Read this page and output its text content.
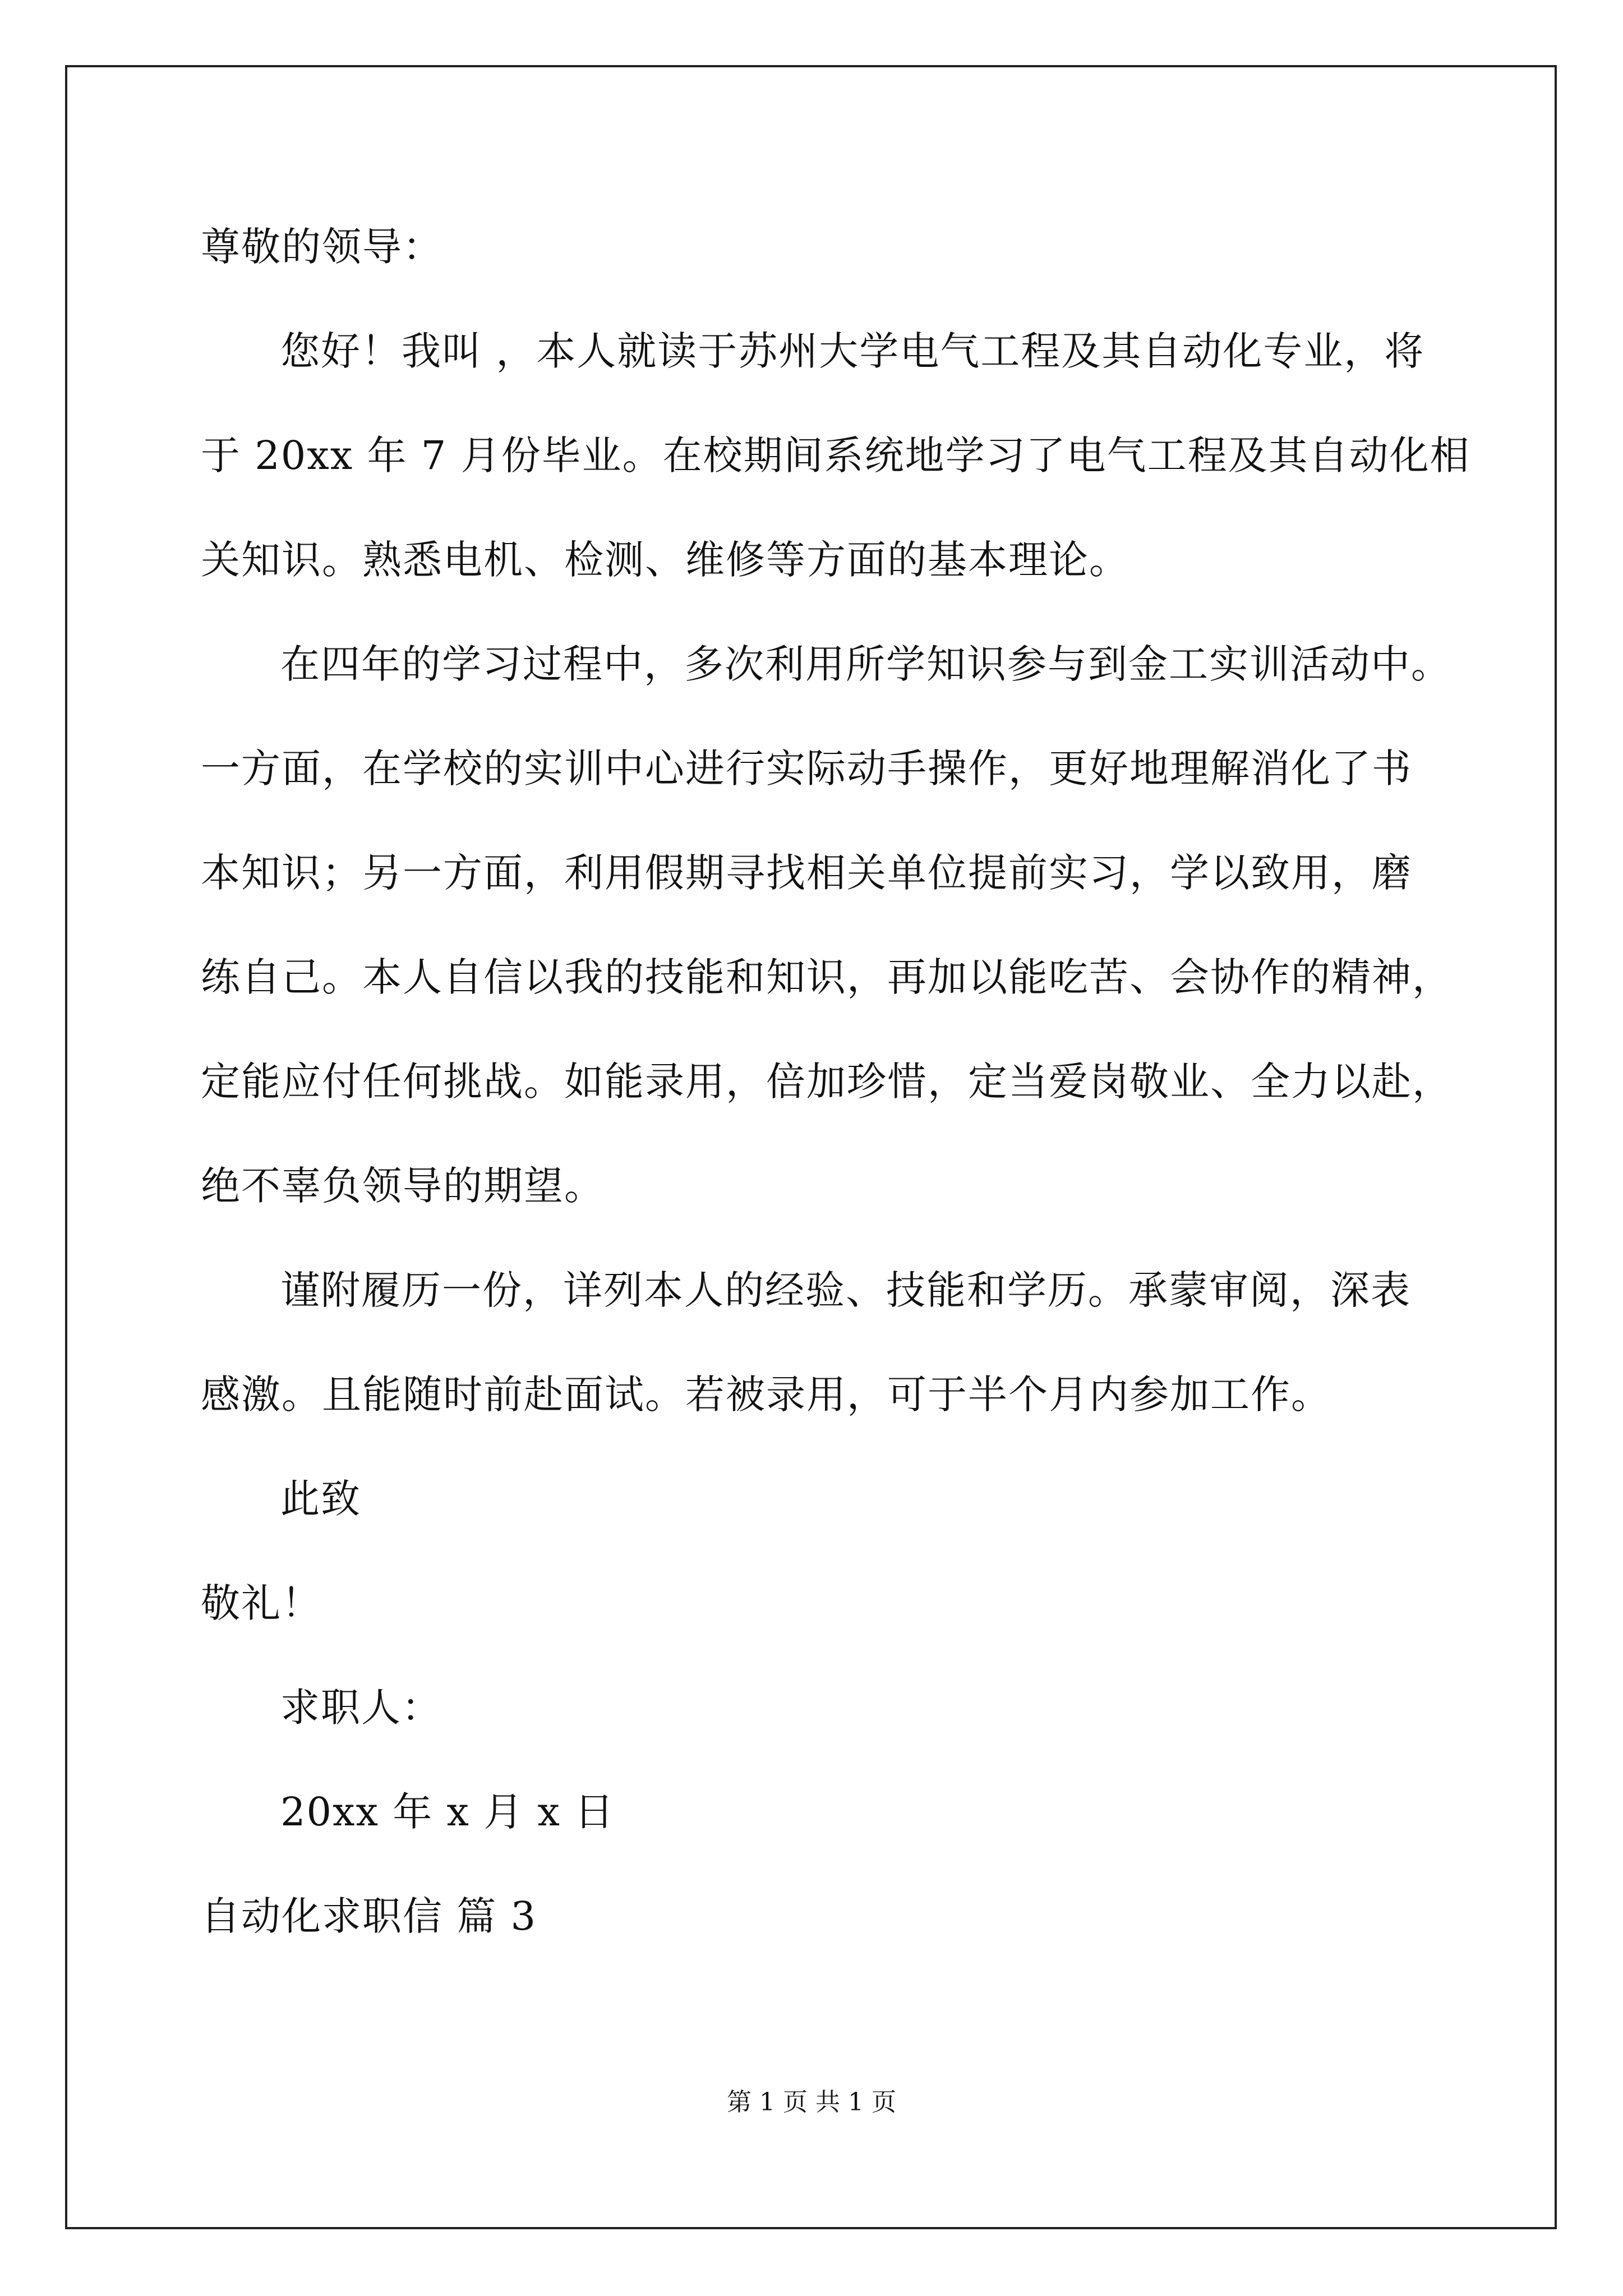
尊敬的领导：
您好！我叫 ，本人就读于苏州大学电气工程及其自动化专业，将
于 20xx 年 7 月份毕业。在校期间系统地学习了电气工程及其自动化相
关知识。熟悉电机、检测、维修等方面的基本理论。
在四年的学习过程中，多次利用所学知识参与到金工实训活动中。
一方面，在学校的实训中心进行实际动手操作，更好地理解消化了书
本知识；另一方面，利用假期寻找相关单位提前实习，学以致用，磨
练自己。本人自信以我的技能和知识，再加以能吃苦、会协作的精神，
定能应付任何挑战。如能录用，倍加珍惜，定当爱岗敬业、全力以赴，
绝不辜负领导的期望。
谨附履历一份，详列本人的经验、技能和学历。承蒙审阅，深表
感激。且能随时前赴面试。若被录用，可于半个月内参加工作。
此致
敬礼！
求职人：
20xx 年 x 月 x 日
自动化求职信 篇 3
第 1 页 共 1 页
